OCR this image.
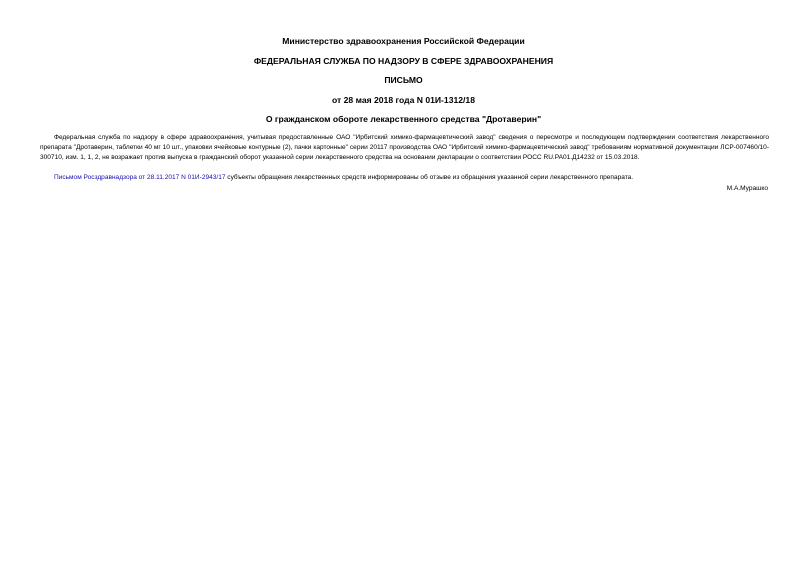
Министерство здравоохранения Российской Федерации
ФЕДЕРАЛЬНАЯ СЛУЖБА ПО НАДЗОРУ В СФЕРЕ ЗДРАВООХРАНЕНИЯ
ПИСЬМО
от 28 мая 2018 года N 01И-1312/18
О гражданском обороте лекарственного средства "Дротаверин"

Федеральная служба по надзору в сфере здравоохранения, учитывая предоставленные ОАО "Ирбитский химико-фармацевтический завод" сведения о пересмотре и последующем подтверждении соответствия лекарственного препарата "Дротаверин, таблетки 40 мг 10 шт., упаковки ячейковые контурные (2), пачки картонные" серии 20117 производства ОАО "Ирбитский химико-фармацевтический завод" требованиям нормативной документации ЛСР-007460/10-300710, изм. 1, 1, 2, не возражает против выпуска в гражданский оборот указанной серии лекарственного средства на основании декларации о соответствии РОСС RU.PA01.Д14232 от 15.03.2018.

Письмом Росздравнадзора от 28.11.2017 N 01И-2943/17 субъекты обращения лекарственных средств информированы об отзыве из обращения указанной серии лекарственного препарата.

М.А.Мурашко
